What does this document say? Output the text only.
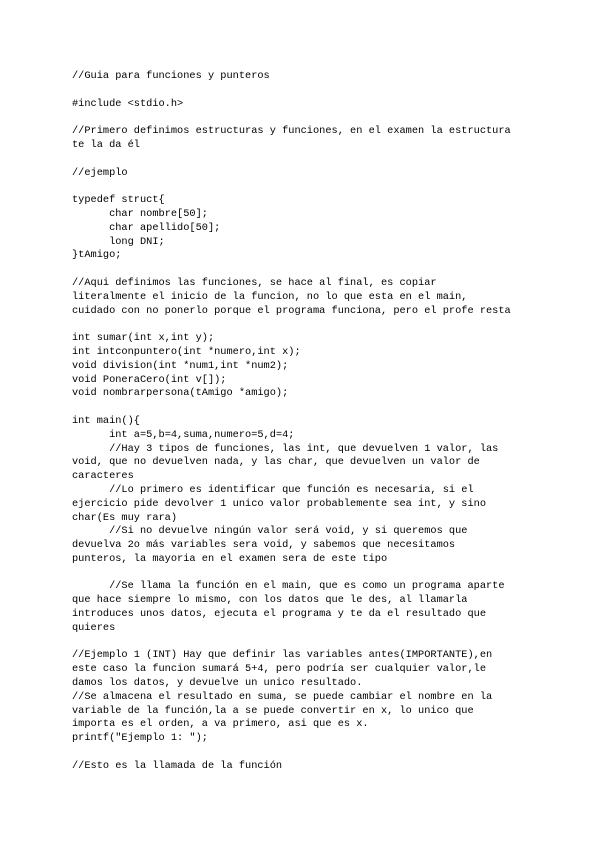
//Guia para funciones y punteros

#include <stdio.h>

//Primero definimos estructuras y funciones, en el examen la estructura

te la da él

//ejemplo

typedef struct{

char nombre[50];

char apellido[50];

long DNI;

}tAmigo;

//Aqui definimos las funciones, se hace al final, es copiar

literalmente el inicio de la funcion, no lo que esta en el main,

cuidado con no ponerlo porque el programa funciona, pero el profe resta

int sumar(int x,int y);

int intconpuntero(int *numero,int x);

void division(int *num1,int *num2);

void PoneraCero(int v[]);

void nombrarpersona(tAmigo *amigo);

int main(){

int a=5,b=4,suma,numero=5,d=4;

//Hay 3 tipos de funciones, las int, que devuelven 1 valor, las

void, que no devuelven nada, y las char, que devuelven un valor de

caracteres

//Lo primero es identificar que función es necesaria, si el

ejercicio pide devolver 1 unico valor probablemente sea int, y sino

char(Es muy rara)

//Si no devuelve ningún valor será void, y si queremos que

devuelva 2o más variables sera void, y sabemos que necesitamos

punteros, la mayoria en el examen sera de este tipo

//Se llama la función en el main, que es como un programa aparte

que hace siempre lo mismo, con los datos que le des, al llamarla

introduces unos datos, ejecuta el programa y te da el resultado que

quieres

//Ejemplo 1 (INT) Hay que definir las variables antes(IMPORTANTE),en

este caso la funcion sumará 5+4, pero podría ser cualquier valor,le

damos los datos, y devuelve un unico resultado.

//Se almacena el resultado en suma, se puede cambiar el nombre en la

variable de la función,la a se puede convertir en x, lo unico que

importa es el orden, a va primero, asi que es x.

printf("Ejemplo 1: ");

//Esto es la llamada de la función
